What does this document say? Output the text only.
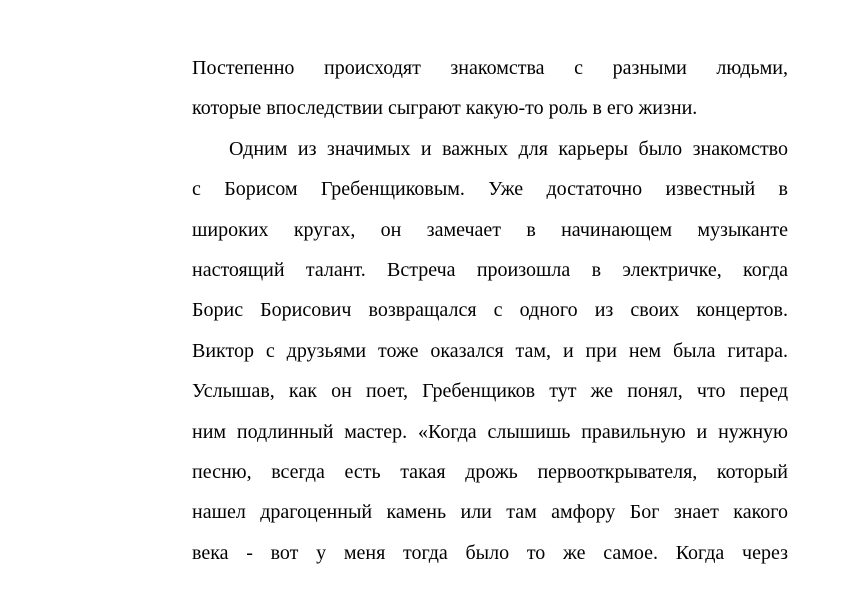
Постепенно происходят знакомства с разными людьми,
которые впоследствии сыграют какую-то роль в его жизни.
Одним из значимых и важных для карьеры было знакомство
с Борисом Гребенщиковым. Уже достаточно известный в
широких кругах, он замечает в начинающем музыканте
настоящий талант. Встреча произошла в электричке, когда
Борис Борисович возвращался с одного из своих концертов.
Виктор с друзьями тоже оказался там, и при нем была гитара.
Услышав, как он поет, Гребенщиков тут же понял, что перед
ним подлинный мастер. «Когда слышишь правильную и нужную
песню, всегда есть такая дрожь первооткрывателя, который
нашел драгоценный камень или там амфору Бог знает какого
века - вот у меня тогда было то же самое. Когда через
